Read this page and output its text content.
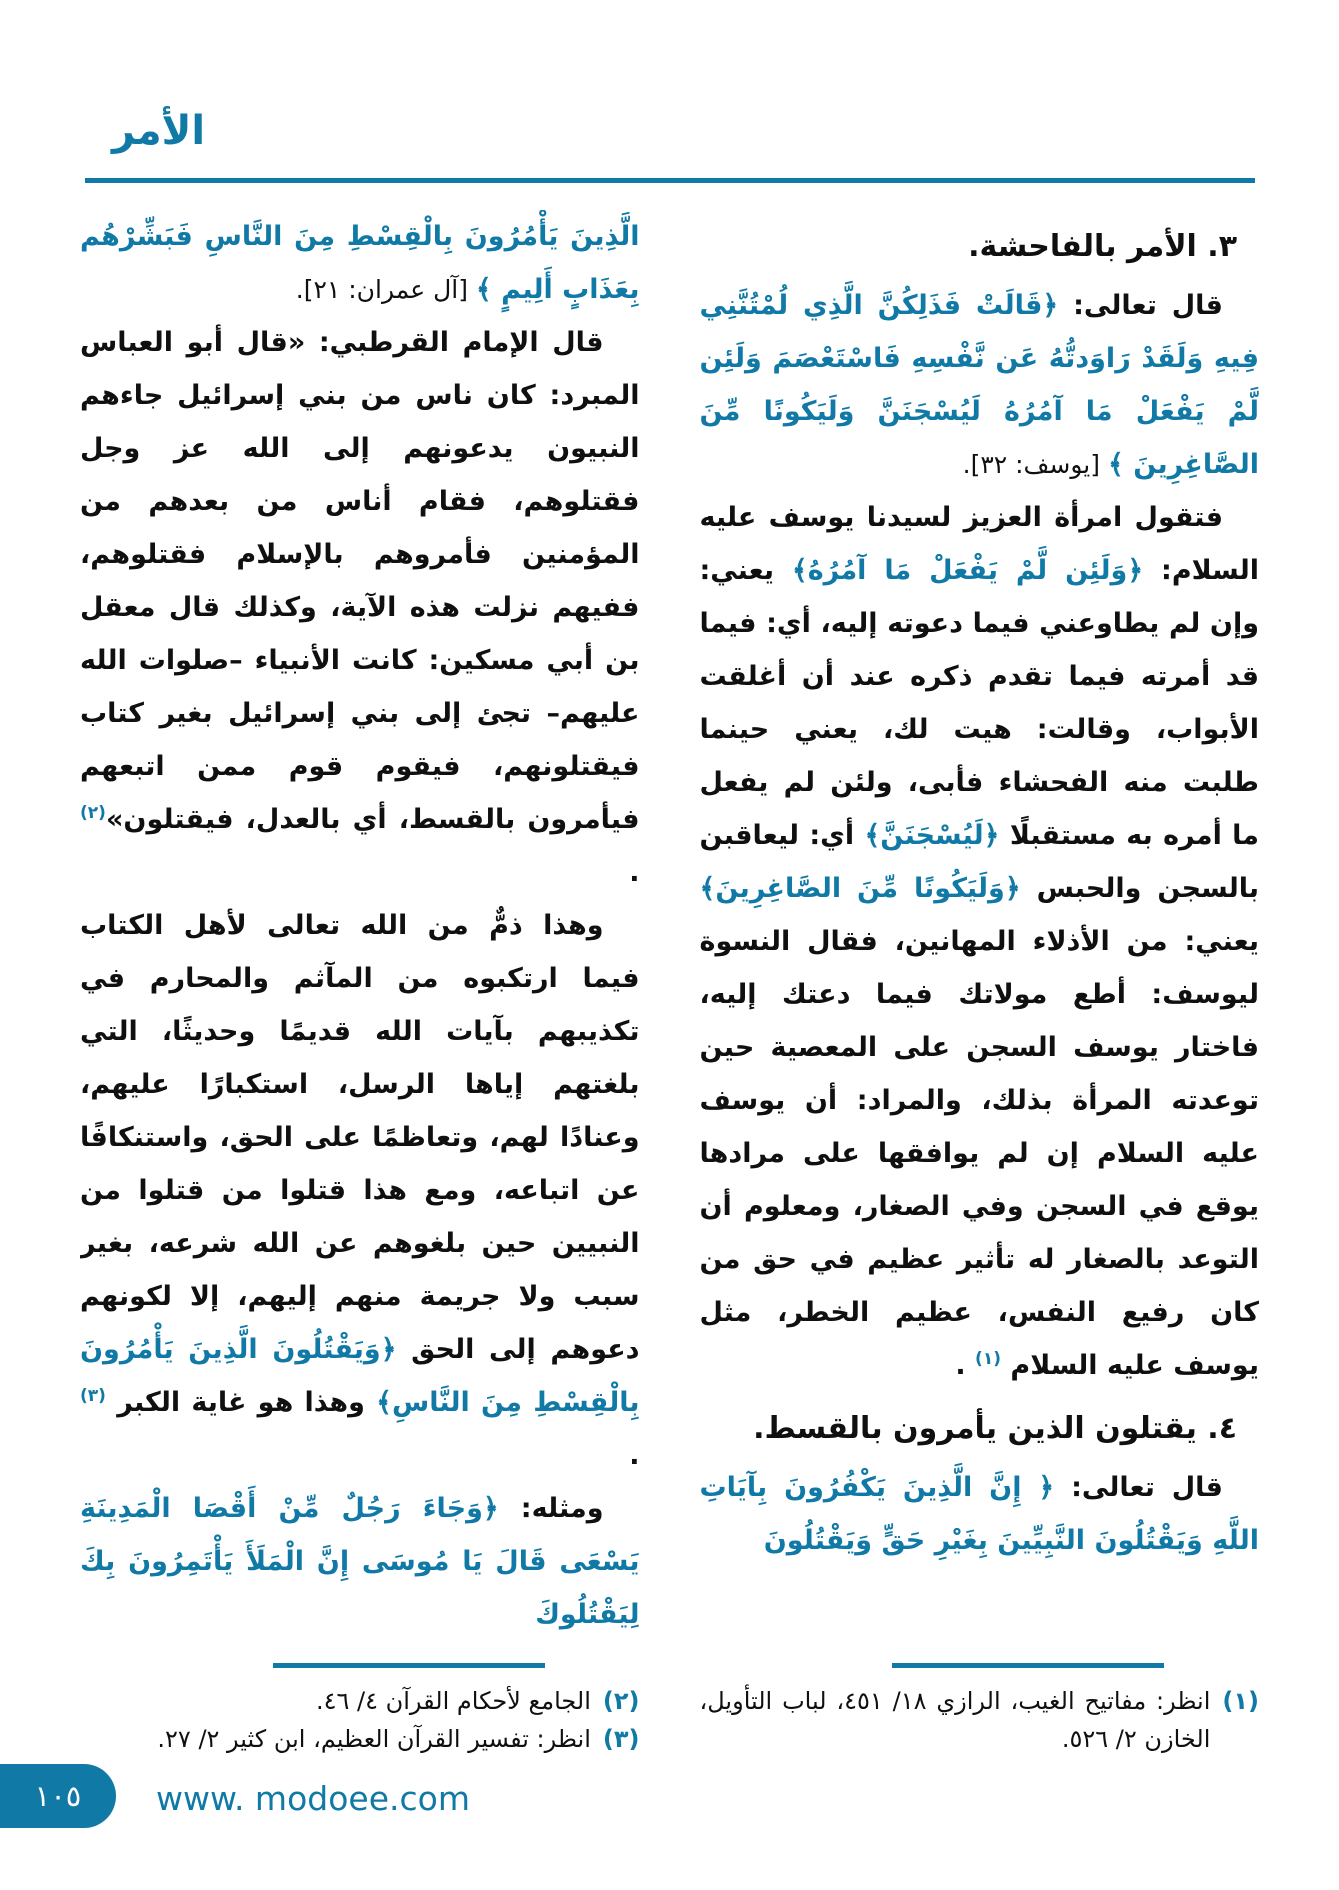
الأمر
٣. الأمر بالفاحشة.
قال تعالى: ﴿قَالَتْ فَذَلِكُنَّ الَّذِي لُمْتُنَّنِي فِيهِ وَلَقَدْ رَاوَدتُّهُ عَن نَّفْسِهِ فَاسْتَعْصَمَ وَلَئِن لَّمْ يَفْعَلْ مَا آمُرُهُ لَيُسْجَنَنَّ وَلَيَكُونًا مِّنَ الصَّاغِرِينَ ﴾ [يوسف: ٣٢].
فتقول امرأة العزيز لسيدنا يوسف عليه السلام: ﴿وَلَئِن لَّمْ يَفْعَلْ مَا آمُرُهُ﴾ يعني: وإن لم يطاوعني فيما دعوته إليه، أي: فيما قد أمرته فيما تقدم ذكره عند أن أغلقت الأبواب، وقالت: هيت لك، يعني حينما طلبت منه الفحشاء فأبى، ولئن لم يفعل ما أمره به مستقبلًا ﴿لَيُسْجَنَنَّ﴾ أي: ليعاقبن بالسجن والحبس ﴿وَلَيَكُونًا مِّنَ الصَّاغِرِينَ﴾ يعني: من الأذلاء المهانين، فقال النسوة ليوسف: أطع مولاتك فيما دعتك إليه، فاختار يوسف السجن على المعصية حين توعدته المرأة بذلك، والمراد: أن يوسف عليه السلام إن لم يوافقها على مرادها يوقع في السجن وفي الصغار، ومعلوم أن التوعد بالصغار له تأثير عظيم في حق من كان رفيع النفس، عظيم الخطر، مثل يوسف عليه السلام $^{(١)}$ .
٤. يقتلون الذين يأمرون بالقسط.
قال تعالى: ﴿ إِنَّ الَّذِينَ يَكْفُرُونَ بِآيَاتِ اللَّهِ وَيَقْتُلُونَ النَّبِيِّينَ بِغَيْرِ حَقٍّ وَيَقْتُلُونَ
(١)
انظر: مفاتيح الغيب، الرازي ١٨/ ٤٥١، لباب التأويل، الخازن ٢/ ٥٢٦.
الَّذِينَ يَأْمُرُونَ بِالْقِسْطِ مِنَ النَّاسِ فَبَشِّرْهُم بِعَذَابٍ أَلِيمٍ ﴾ [آل عمران: ٢١].
قال الإمام القرطبي: «قال أبو العباس المبرد: كان ناس من بني إسرائيل جاءهم النبيون يدعونهم إلى الله عز وجل فقتلوهم، فقام أناس من بعدهم من المؤمنين فأمروهم بالإسلام فقتلوهم، ففيهم نزلت هذه الآية، وكذلك قال معقل بن أبي مسكين: كانت الأنبياء –صلوات الله عليهم– تجئ إلى بني إسرائيل بغير كتاب فيقتلونهم، فيقوم قوم ممن اتبعهم فيأمرون بالقسط، أي بالعدل، فيقتلون»$^{(٢)}$ .
وهذا ذمٌّ من الله تعالى لأهل الكتاب فيما ارتكبوه من المآثم والمحارم في تكذيبهم بآيات الله قديمًا وحديثًا، التي بلغتهم إياها الرسل، استكبارًا عليهم، وعنادًا لهم، وتعاظمًا على الحق، واستنكافًا عن اتباعه، ومع هذا قتلوا من قتلوا من النبيين حين بلغوهم عن الله شرعه، بغير سبب ولا جريمة منهم إليهم، إلا لكونهم دعوهم إلى الحق ﴿وَيَقْتُلُونَ الَّذِينَ يَأْمُرُونَ بِالْقِسْطِ مِنَ النَّاسِ﴾ وهذا هو غاية الكبر $^{(٣)}$ .
ومثله: ﴿وَجَاءَ رَجُلٌ مِّنْ أَقْصَا الْمَدِينَةِ يَسْعَى قَالَ يَا مُوسَى إِنَّ الْمَلَأَ يَأْتَمِرُونَ بِكَ لِيَقْتُلُوكَ
(٢)
الجامع لأحكام القرآن ٤/ ٤٦.
(٣)
انظر: تفسير القرآن العظيم، ابن كثير ٢/ ٢٧.
١٠٥ www. modoee.com
